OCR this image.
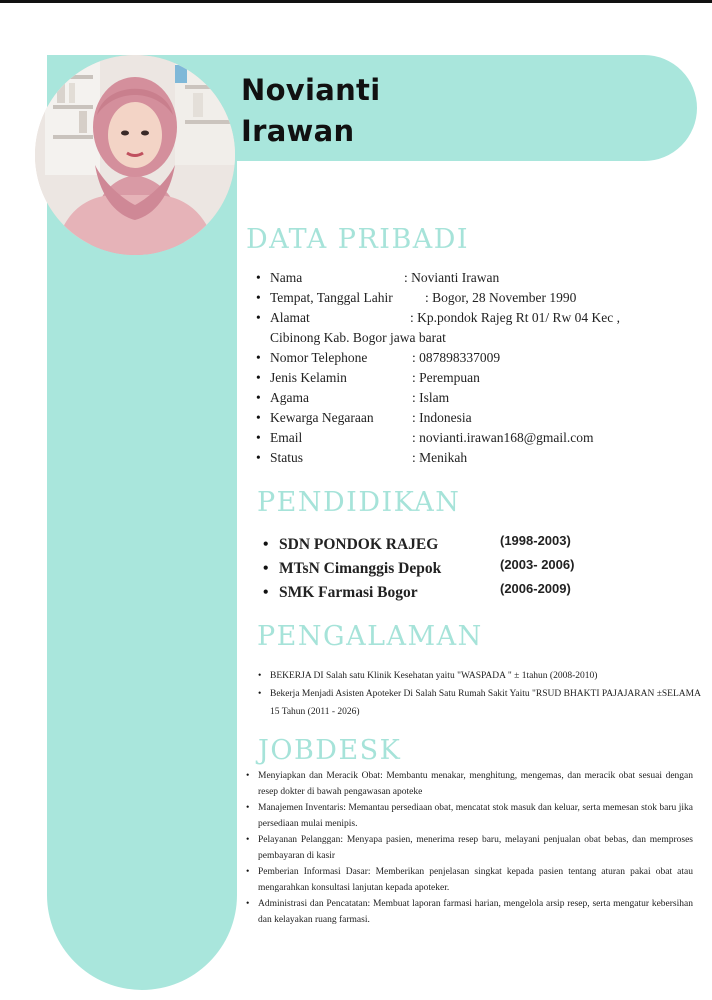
Novianti
Irawan
DATA PRIBADI
• Nama	: Novianti Irawan
• Tempat, Tanggal Lahir : Bogor, 28 November 1990
• Alamat	: Kp.pondok Rajeg Rt 01/ Rw 04 Kec , Cibinong Kab. Bogor jawa barat
• Nomor Telephone	: 087898337009
• Jenis Kelamin	: Perempuan
• Agama	: Islam
• Kewarga Negaraan	: Indonesia
• Email	: novianti.irawan168@gmail.com
• Status	: Menikah
PENDIDIKAN
• SDN PONDOK RAJEG	(1998-2003)
• MTsN Cimanggis Depok	(2003- 2006)
• SMK Farmasi Bogor	(2006-2009)
PENGALAMAN
• BEKERJA DI Salah satu Klinik Kesehatan yaitu "WASPADA " ± 1tahun (2008-2010)
• Bekerja Menjadi Asisten Apoteker Di Salah Satu Rumah Sakit Yaitu "RSUD BHAKTI PAJAJARAN ±SELAMA 15 Tahun (2011 - 2026)
JOBDESK
• Menyiapkan dan Meracik Obat: Membantu menakar, menghitung, mengemas, dan meracik obat sesuai dengan resep dokter di bawah pengawasan apoteke
• Manajemen Inventaris: Memantau persediaan obat, mencatat stok masuk dan keluar, serta memesan stok baru jika persediaan mulai menipis.
• Pelayanan Pelanggan: Menyapa pasien, menerima resep baru, melayani penjualan obat bebas, dan memproses pembayaran di kasir
• Pemberian Informasi Dasar: Memberikan penjelasan singkat kepada pasien tentang aturan pakai obat atau mengarahkan konsultasi lanjutan kepada apoteker.
• Administrasi dan Pencatatan: Membuat laporan farmasi harian, mengelola arsip resep, serta mengatur kebersihan dan kelayakan ruang farmasi.
